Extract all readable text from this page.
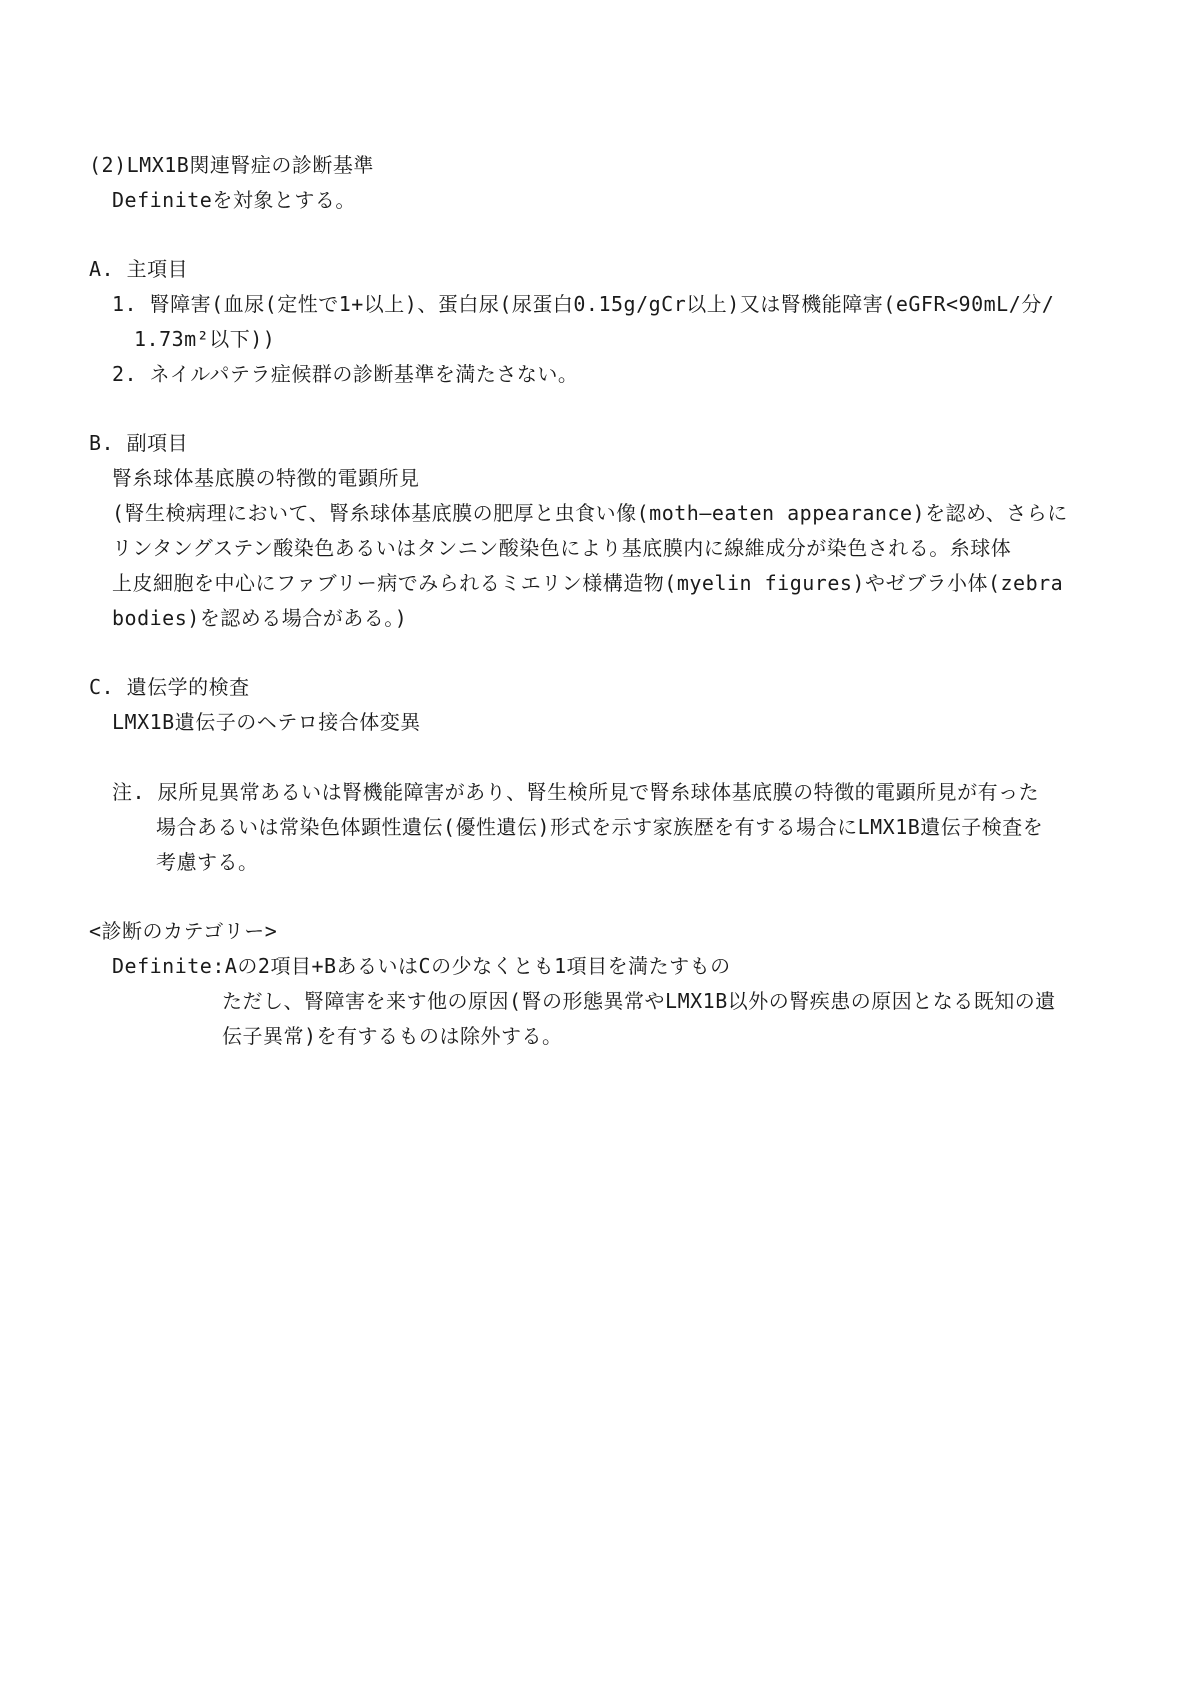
(2)LMX1B関連腎症の診断基準
Definiteを対象とする。
A. 主項目
1. 腎障害(血尿(定性で1+以上)、蛋白尿(尿蛋白0.15g/gCr以上)又は腎機能障害(eGFR<90mL/分/
1.73m²以下))
2. ネイルパテラ症候群の診断基準を満たさない。
B. 副項目
腎糸球体基底膜の特徴的電顕所見
(腎生検病理において、腎糸球体基底膜の肥厚と虫食い像(moth—eaten appearance)を認め、さらに
リンタングステン酸染色あるいはタンニン酸染色により基底膜内に線維成分が染色される。糸球体
上皮細胞を中心にファブリー病でみられるミエリン様構造物(myelin figures)やゼブラ小体(zebra
bodies)を認める場合がある。)
C. 遺伝学的検査
LMX1B遺伝子のヘテロ接合体変異
注. 尿所見異常あるいは腎機能障害があり、腎生検所見で腎糸球体基底膜の特徴的電顕所見が有った
場合あるいは常染色体顕性遺伝(優性遺伝)形式を示す家族歴を有する場合にLMX1B遺伝子検査を
考慮する。
<診断のカテゴリー>
Definite:Aの2項目+BあるいはCの少なくとも1項目を満たすもの
ただし、腎障害を来す他の原因(腎の形態異常やLMX1B以外の腎疾患の原因となる既知の遺
伝子異常)を有するものは除外する。
